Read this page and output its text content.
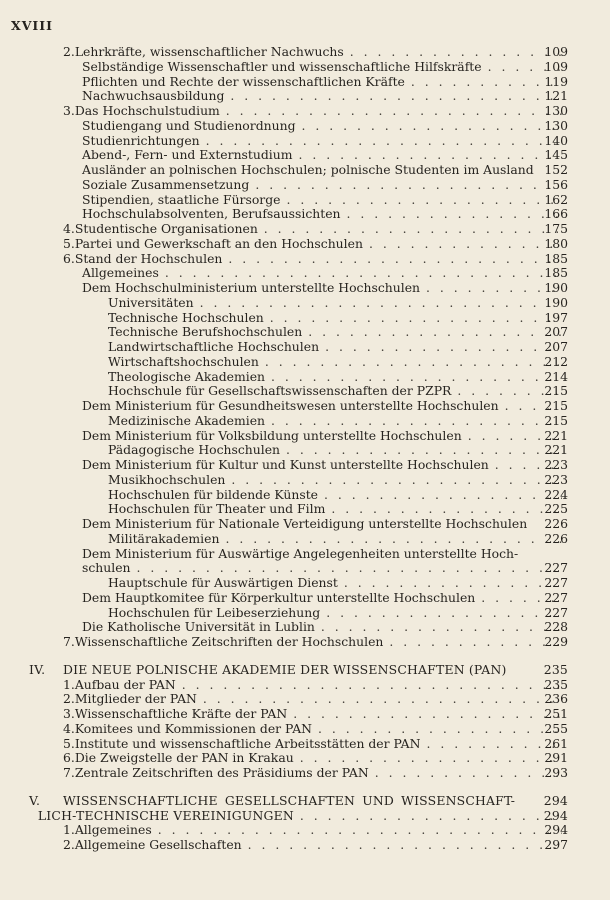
XVIII
2. Lehrkräfte, wissenschaftlicher Nachwuchs . . .	109
Selbständige Wissenschaftler und wissenschaftliche Hilfskräfte . . .	109
Pflichten und Rechte der wissenschaftlichen Kräfte . . .	119
Nachwuchsausbildung . . .	121
3. Das Hochschulstudium . . .	130
Studiengang und Studienordnung . . .	130
Studienrichtungen . . .	140
Abend-, Fern- und Externstudium . . .	145
Ausländer an polnischen Hochschulen; polnische Studenten im Ausland 152
Soziale Zusammensetzung . . .	156
Stipendien, staatliche Fürsorge . . .	162
Hochschulabsolventen, Berufsaussichten . . .	166
4. Studentische Organisationen . . .	175
5. Partei und Gewerkschaft an den Hochschulen . . .	180
6. Stand der Hochschulen . . .	185
Allgemeines . . .	185
Dem Hochschulministerium unterstellte Hochschulen . . .	190
Universitäten . . .	190
Technische Hochschulen . . .	197
Technische Berufshochschulen . . .	207
Landwirtschaftliche Hochschulen . . .	207
Wirtschaftshochschulen . . .	212
Theologische Akademien . . .	214
Hochschule für Gesellschaftswissenschaften der PZPR . . .	215
Dem Ministerium für Gesundheitswesen unterstellte Hochschulen . . .	215
Medizinische Akademien . . .	215
Dem Ministerium für Volksbildung unterstellte Hochschulen . . .	221
Pädagogische Hochschulen . . .	221
Dem Ministerium für Kultur und Kunst unterstellte Hochschulen . . .	223
Musikhochschulen . . .	223
Hochschulen für bildende Künste . . .	224
Hochschulen für Theater und Film . . .	225
Dem Ministerium für Nationale Verteidigung unterstellte Hochschulen	226
Militärakademien . . .	226
Dem Ministerium für Auswärtige Angelegenheiten unterstellte Hoch-
schulen . . .	227
Hauptschule für Auswärtigen Dienst . . .	227
Dem Hauptkomitee für Körperkultur unterstellte Hochschulen . . .	227
Hochschulen für Leibeserziehung . . .	227
Die Katholische Universität in Lublin . . .	228
7. Wissenschaftliche Zeitschriften der Hochschulen . . .	229
IV.	DIE NEUE POLNISCHE AKADEMIE DER WISSENSCHAFTEN (PAN)	235
1. Aufbau der PAN . . .	235
2. Mitglieder der PAN . . .	236
3. Wissenschaftliche Kräfte der PAN . . .	251
4. Komitees und Kommissionen der PAN . . .	255
5. Institute und wissenschaftliche Arbeitsstätten der PAN . . .	261
6. Die Zweigstelle der PAN in Krakau . . .	291
7. Zentrale Zeitschriften des Präsidiums der PAN . . .	293
V.	WISSENSCHAFTLICHE GESELLSCHAFTEN UND WISSENSCHAFT-	294
LICH-TECHNISCHE VEREINIGUNGEN . . .	294
1. Allgemeines . . .	294
2. Allgemeine Gesellschaften . . .	297
